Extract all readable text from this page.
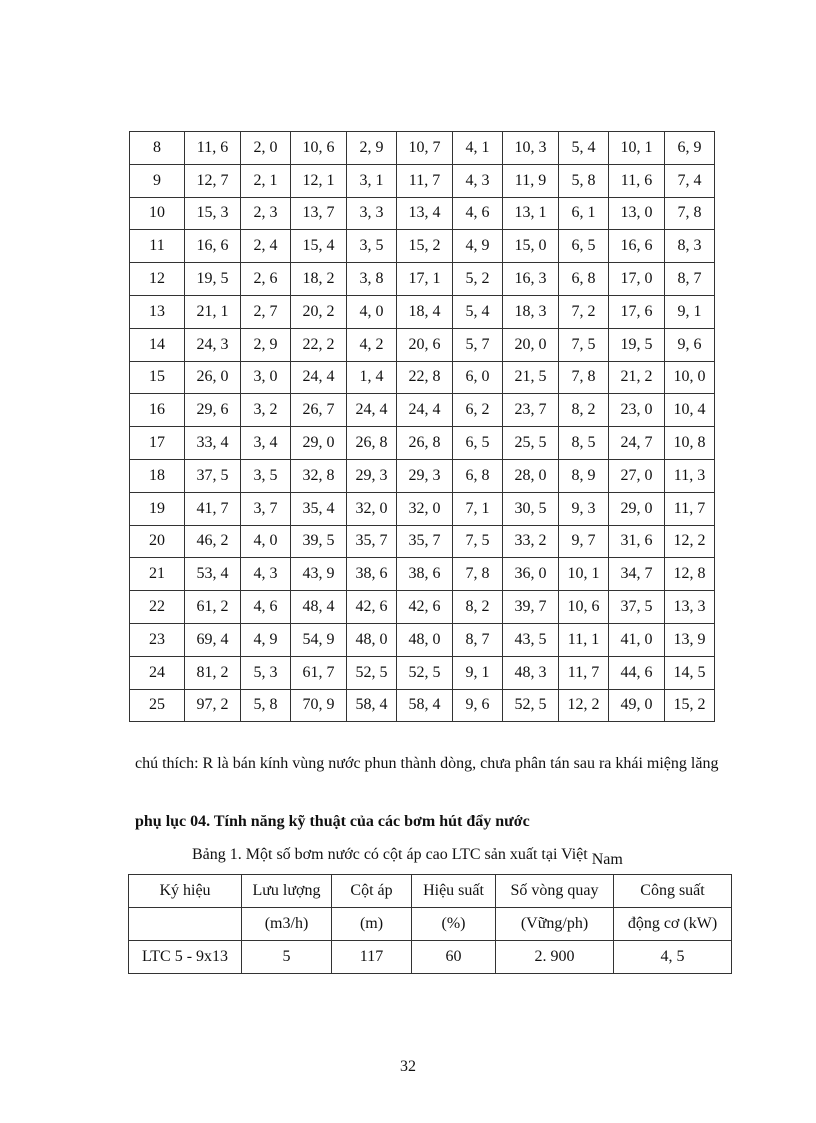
8	11, 6	2, 0	10, 6	2, 9	10, 7	4, 1	10, 3	5, 4	10, 1	6, 9
9	12, 7	2, 1	12, 1	3, 1	11, 7	4, 3	11, 9	5, 8	11, 6	7, 4
10	15, 3	2, 3	13, 7	3, 3	13, 4	4, 6	13, 1	6, 1	13, 0	7, 8
11	16, 6	2, 4	15, 4	3, 5	15, 2	4, 9	15, 0	6, 5	16, 6	8, 3
12	19, 5	2, 6	18, 2	3, 8	17, 1	5, 2	16, 3	6, 8	17, 0	8, 7
13	21, 1	2, 7	20, 2	4, 0	18, 4	5, 4	18, 3	7, 2	17, 6	9, 1
14	24, 3	2, 9	22, 2	4, 2	20, 6	5, 7	20, 0	7, 5	19, 5	9, 6
15	26, 0	3, 0	24, 4	1, 4	22, 8	6, 0	21, 5	7, 8	21, 2	10, 0
16	29, 6	3, 2	26, 7	24, 4	24, 4	6, 2	23, 7	8, 2	23, 0	10, 4
17	33, 4	3, 4	29, 0	26, 8	26, 8	6, 5	25, 5	8, 5	24, 7	10, 8
18	37, 5	3, 5	32, 8	29, 3	29, 3	6, 8	28, 0	8, 9	27, 0	11, 3
19	41, 7	3, 7	35, 4	32, 0	32, 0	7, 1	30, 5	9, 3	29, 0	11, 7
20	46, 2	4, 0	39, 5	35, 7	35, 7	7, 5	33, 2	9, 7	31, 6	12, 2
21	53, 4	4, 3	43, 9	38, 6	38, 6	7, 8	36, 0	10, 1	34, 7	12, 8
22	61, 2	4, 6	48, 4	42, 6	42, 6	8, 2	39, 7	10, 6	37, 5	13, 3
23	69, 4	4, 9	54, 9	48, 0	48, 0	8, 7	43, 5	11, 1	41, 0	13, 9
24	81, 2	5, 3	61, 7	52, 5	52, 5	9, 1	48, 3	11, 7	44, 6	14, 5
25	97, 2	5, 8	70, 9	58, 4	58, 4	9, 6	52, 5	12, 2	49, 0	15, 2
chú thích: R là bán kính vùng nước phun thành dòng, chưa phân tán sau ra khái miệng lăng
phụ lục 04. Tính năng kỹ thuật của các bơm hút đẩy nước
Bảng 1. Một số bơm nước có cột áp cao LTC sản xuất tại Việt Nam
Ký hiệu	Lưu lượng	Cột áp	Hiệu suất	Số vòng quay	Công suất
	(m3/h)	(m)	(%)	(Vững/ph)	động cơ (kW)
LTC 5 - 9x13	5	117	60	2. 900	4, 5
32
